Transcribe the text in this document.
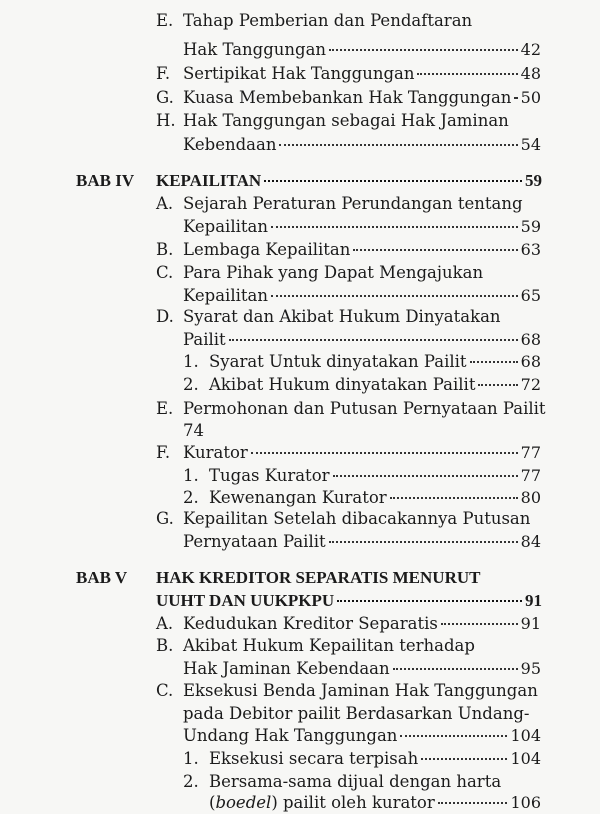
E. Tahap Pemberian dan Pendaftaran
Hak Tanggungan	42
F. Sertipikat Hak Tanggungan	48
G. Kuasa Membebankan Hak Tanggungan 50
H. Hak Tanggungan sebagai Hak Jaminan
Kebendaan	54
BAB IV KEPAILITAN	59
A. Sejarah Peraturan Perundangan tentang
Kepailitan	59
B. Lembaga Kepailitan	63
C. Para Pihak yang Dapat Mengajukan
Kepailitan	65
D. Syarat dan Akibat Hukum Dinyatakan
Pailit	68
1. Syarat Untuk dinyatakan Pailit	68
2. Akibat Hukum dinyatakan Pailit	72
E. Permohonan dan Putusan Pernyataan Pailit
74
F. Kurator	77
1. Tugas Kurator	77
2. Kewenangan Kurator	80
G. Kepailitan Setelah dibacakannya Putusan
Pernyataan Pailit	84
BAB V HAK KREDITOR SEPARATIS MENURUT
UUHT DAN UUKPKPU	91
A. Kedudukan Kreditor Separatis	91
B. Akibat Hukum Kepailitan terhadap
Hak Jaminan Kebendaan	95
C. Eksekusi Benda Jaminan Hak Tanggungan
pada Debitor pailit Berdasarkan Undang-
Undang Hak Tanggungan	104
1. Eksekusi secara terpisah	104
2. Bersama-sama dijual dengan harta
(boedel) pailit oleh kurator	106
